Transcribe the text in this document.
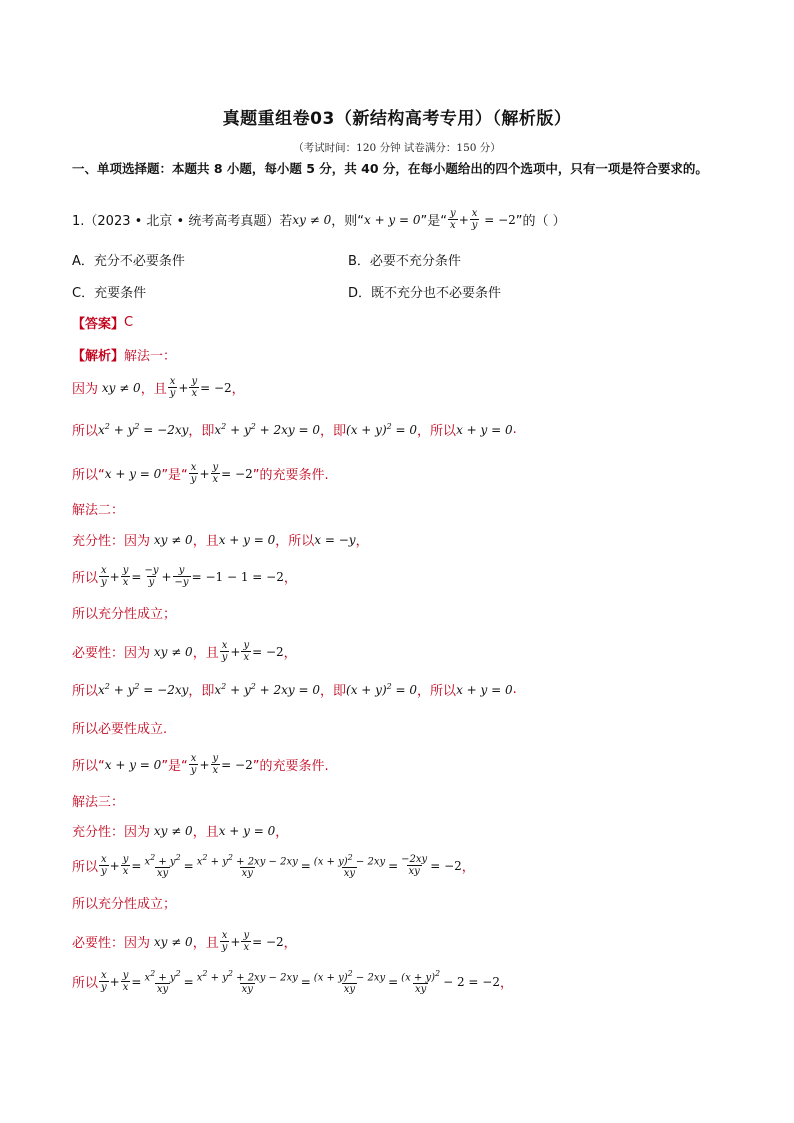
真题重组卷03（新结构高考专用）（解析版）
（考试时间：120 分钟 试卷满分：150 分）
一、单项选择题：本题共 8 小题，每小题 5 分，共 40 分，在每小题给出的四个选项中，只有一项是符合要求的。
1.（2023 • 北京 • 统考高考真题）若 xy ≠ 0 ，则“ x + y = 0 ”是“ $\frac{y}{x} + \frac{x}{y} = -2$ ”的（ ）
A．充分不必要条件	B．必要不充分条件
C．充要条件	D．既不充分也不必要条件
【答案】 C
【解析】 解法一：
因为 xy ≠ 0 ，且 $\frac{x}{y} + \frac{y}{x} = -2$ ，
所以 $x^2 + y^2 = -2xy$ ，即 $x^2 + y^2 + 2xy = 0$ ，即 $(x + y)^2 = 0$ ，所以 x + y = 0 .
所以“ x + y = 0 ”是“ $\frac{x}{y} + \frac{y}{x} = -2$ ”的充要条件.
解法二：
充分性：因为 xy ≠ 0 ，且 x + y = 0 ，所以 x = −y ，
所以 $\frac{x}{y} + \frac{y}{x} = \frac{-y}{y} + \frac{y}{-y} = -1 - 1 = -2$ ，
所以充分性成立；
必要性：因为 xy ≠ 0 ，且 $\frac{x}{y} + \frac{y}{x} = -2$ ，
所以 $x^2 + y^2 = -2xy$ ，即 $x^2 + y^2 + 2xy = 0$ ，即 $(x + y)^2 = 0$ ，所以 x + y = 0 .
所以必要性成立.
所以“ x + y = 0 ”是“ $\frac{x}{y} + \frac{y}{x} = -2$ ”的充要条件.
解法三：
充分性：因为 xy ≠ 0 ，且 x + y = 0 ，
所以 $\frac{x}{y} + \frac{y}{x} = \frac{x^2 + y^2}{xy} = \frac{x^2 + y^2 + 2xy - 2xy}{xy} = \frac{(x + y)^2 - 2xy}{xy} = \frac{-2xy}{xy} = -2$ ，
所以充分性成立；
必要性：因为 xy ≠ 0 ，且 $\frac{x}{y} + \frac{y}{x} = -2$ ，
所以 $\frac{x}{y} + \frac{y}{x} = \frac{x^2 + y^2}{xy} = \frac{x^2 + y^2 + 2xy - 2xy}{xy} = \frac{(x + y)^2 - 2xy}{xy} = \frac{(x + y)^2}{xy} - 2 = -2$ ，
